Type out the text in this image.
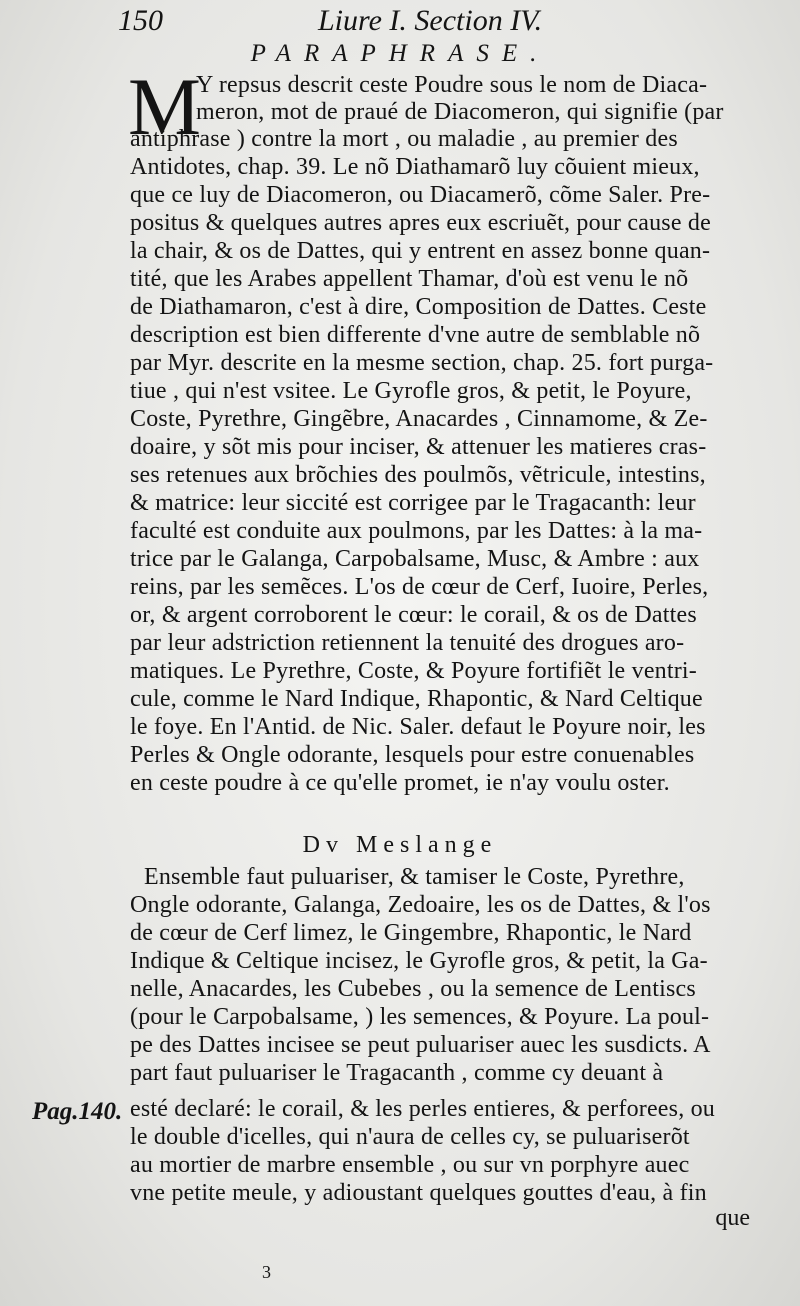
150	Liure I. Section IV.
PARAPHRASE.
M
Y repsus descrit ceste Poudre sous le nom de Diaca-
meron, mot de praué de Diacomeron, qui signifie (par
antiphrase ) contre la mort , ou maladie , au premier des
Antidotes, chap. 39. Le nõ Diathamarõ luy cõuient mieux,
que ce luy de Diacomeron, ou Diacamerõ, cõme Saler. Pre-
positus & quelques autres apres eux escriuẽt, pour cause de
la chair, & os de Dattes, qui y entrent en assez bonne quan-
tité, que les Arabes appellent Thamar, d'où est venu le nõ
de Diathamaron, c'est à dire, Composition de Dattes. Ceste
description est bien differente d'vne autre de semblable nõ
par Myr. descrite en la mesme section, chap. 25. fort purga-
tiue , qui n'est vsitee. Le Gyrofle gros, & petit, le Poyure,
Coste, Pyrethre, Gingẽbre, Anacardes , Cinnamome, & Ze-
doaire, y sõt mis pour inciser, & attenuer les matieres cras-
ses retenues aux brõchies des poulmõs, vẽtricule, intestins,
& matrice: leur siccité est corrigee par le Tragacanth: leur
faculté est conduite aux poulmons, par les Dattes: à la ma-
trice par le Galanga, Carpobalsame, Musc, & Ambre : aux
reins, par les semẽces. L'os de cœur de Cerf, Iuoire, Perles,
or, & argent corroborent le cœur: le corail, & os de Dattes
par leur adstriction retiennent la tenuité des drogues aro-
matiques. Le Pyrethre, Coste, & Poyure fortifiẽt le ventri-
cule, comme le Nard Indique, Rhapontic, & Nard Celtique
le foye. En l'Antid. de Nic. Saler. defaut le Poyure noir, les
Perles & Ongle odorante, lesquels pour estre conuenables
en ceste poudre à ce qu'elle promet, ie n'ay voulu oster.
Dv Meslange
Ensemble faut puluariser, & tamiser le Coste, Pyrethre,
Ongle odorante, Galanga, Zedoaire, les os de Dattes, & l'os
de cœur de Cerf limez, le Gingembre, Rhapontic, le Nard
Indique & Celtique incisez, le Gyrofle gros, & petit, la Ga-
nelle, Anacardes, les Cubebes , ou la semence de Lentiscs
(pour le Carpobalsame, ) les semences, & Poyure. La poul-
pe des Dattes incisee se peut puluariser auec les susdicts. A
part faut puluariser le Tragacanth , comme cy deuant à
esté declaré: le corail, & les perles entieres, & perforees, ou
le double d'icelles, qui n'aura de celles cy, se puluariserõt
au mortier de marbre ensemble , ou sur vn porphyre auec
vne petite meule, y adioustant quelques gouttes d'eau, à fin
Pag.140.
que
3
